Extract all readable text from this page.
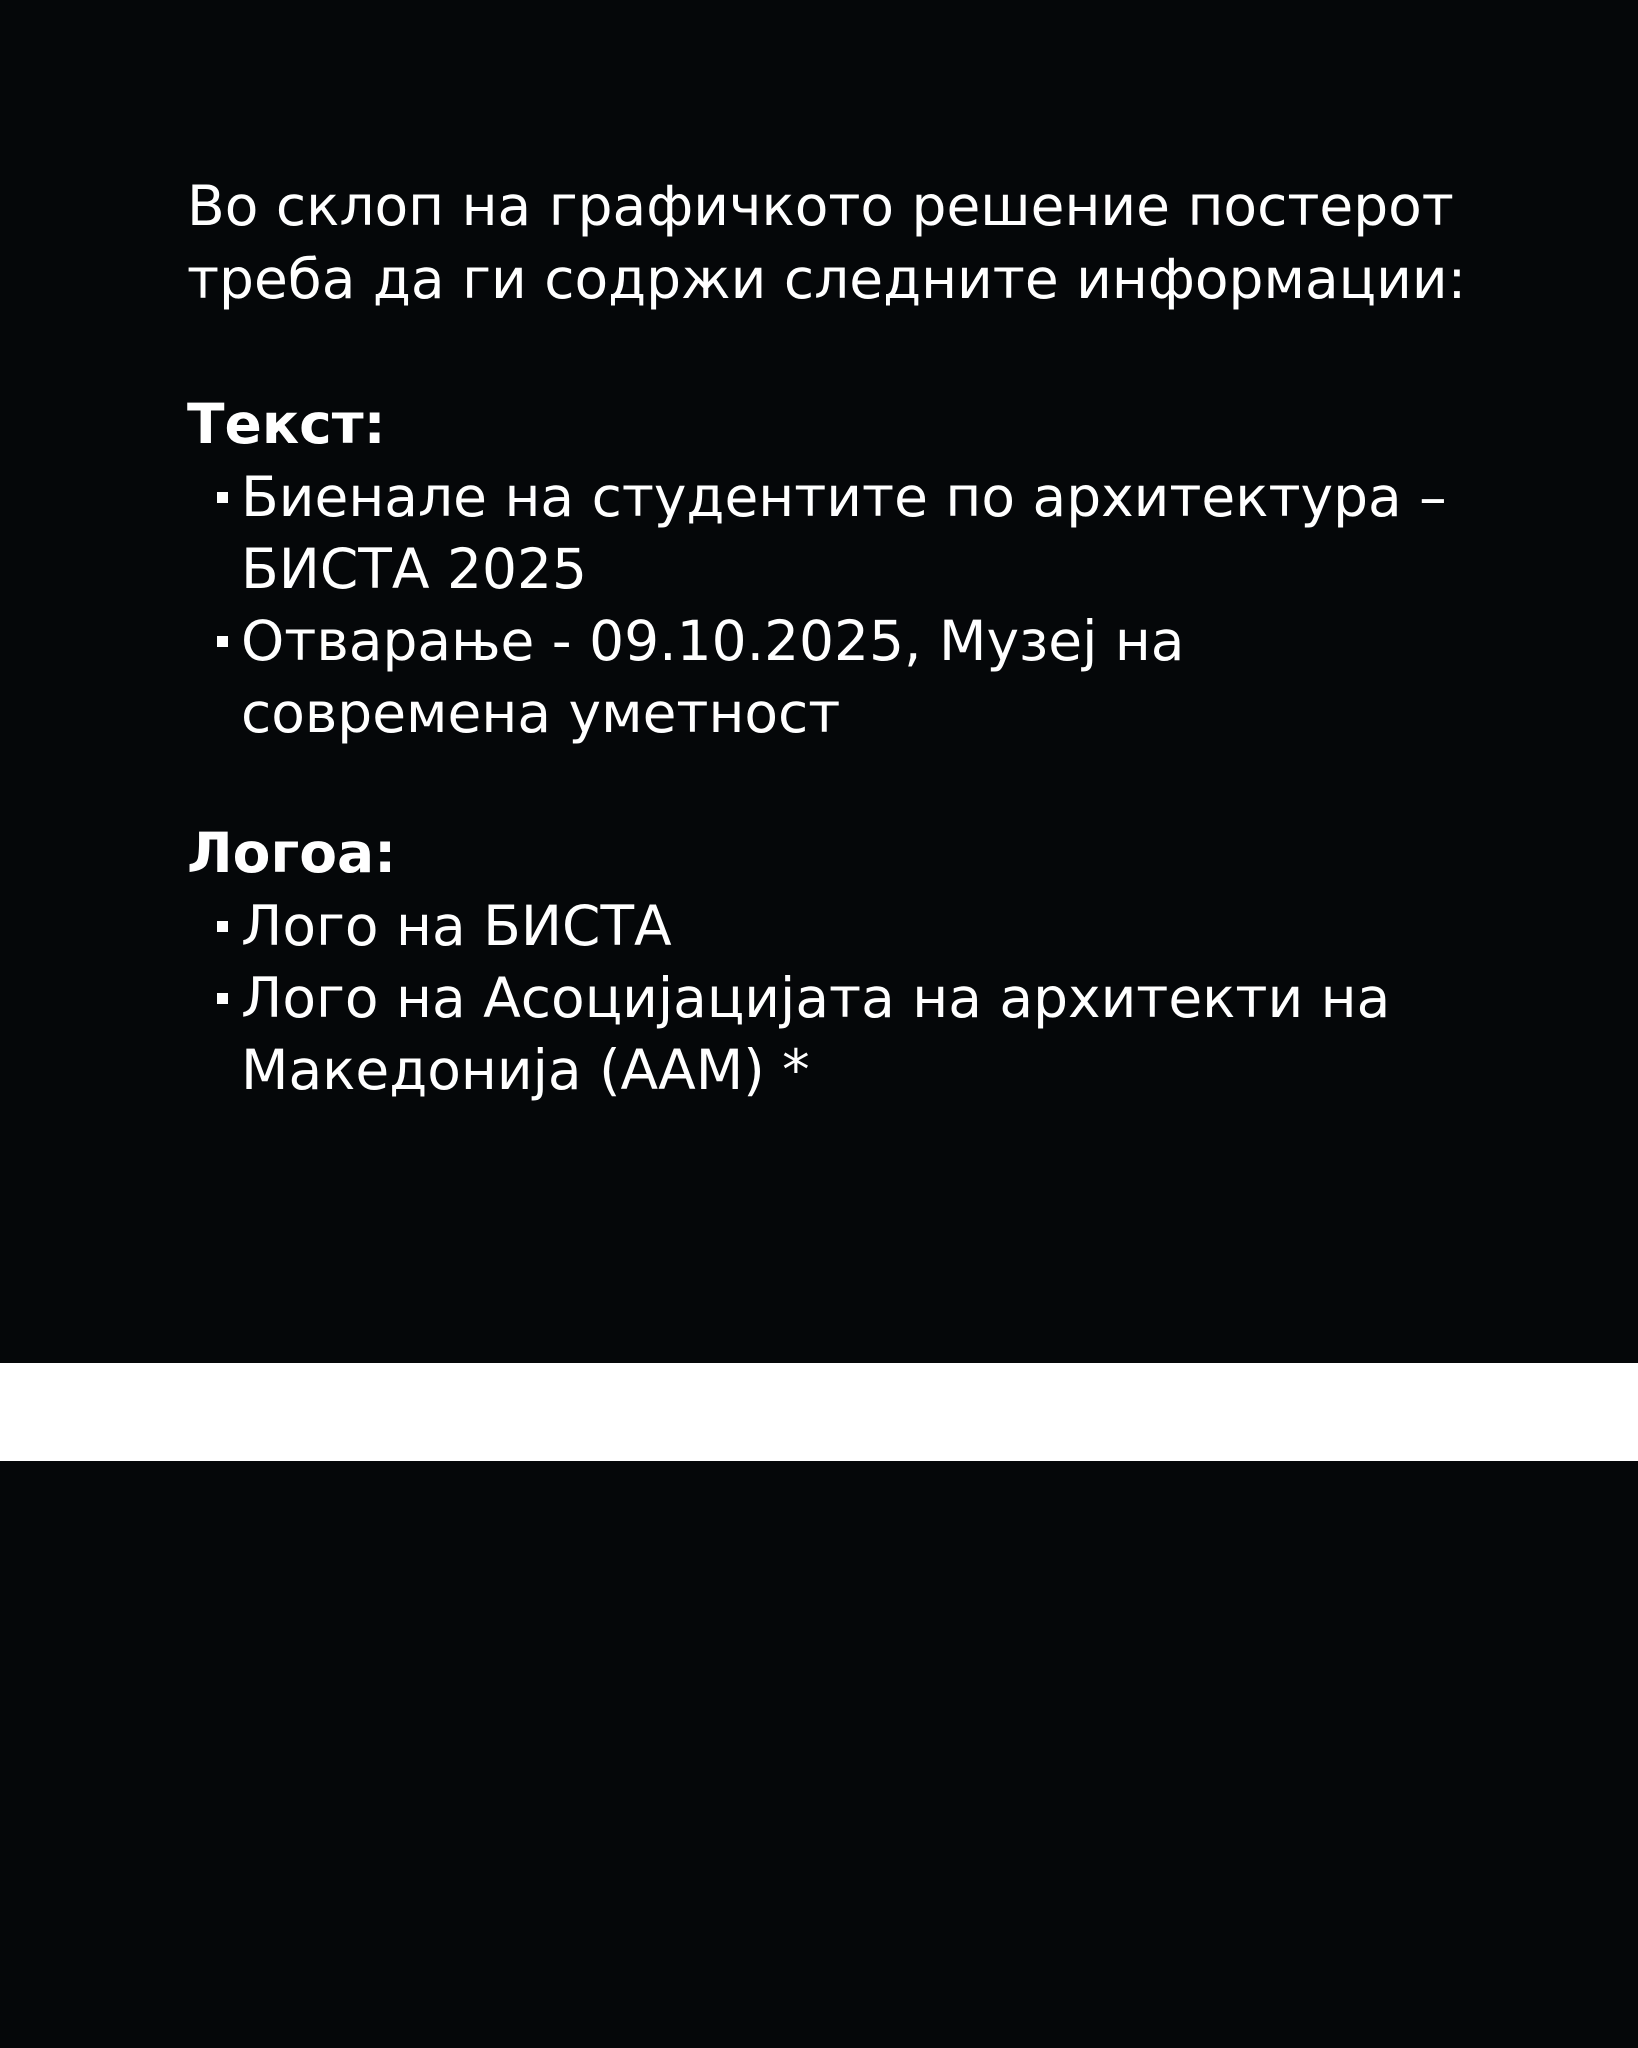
Во склоп на графичкото решение постерот треба да ги содржи следните информации:

Текст:
Биенале на студентите по архитектура – БИСТА 2025
Отварање - 09.10.2025, Музеј на современа уметност
Логоа:
Лого на БИСТА
Лого на Асоцијацијата на архитекти на Македонија (ААМ) *
